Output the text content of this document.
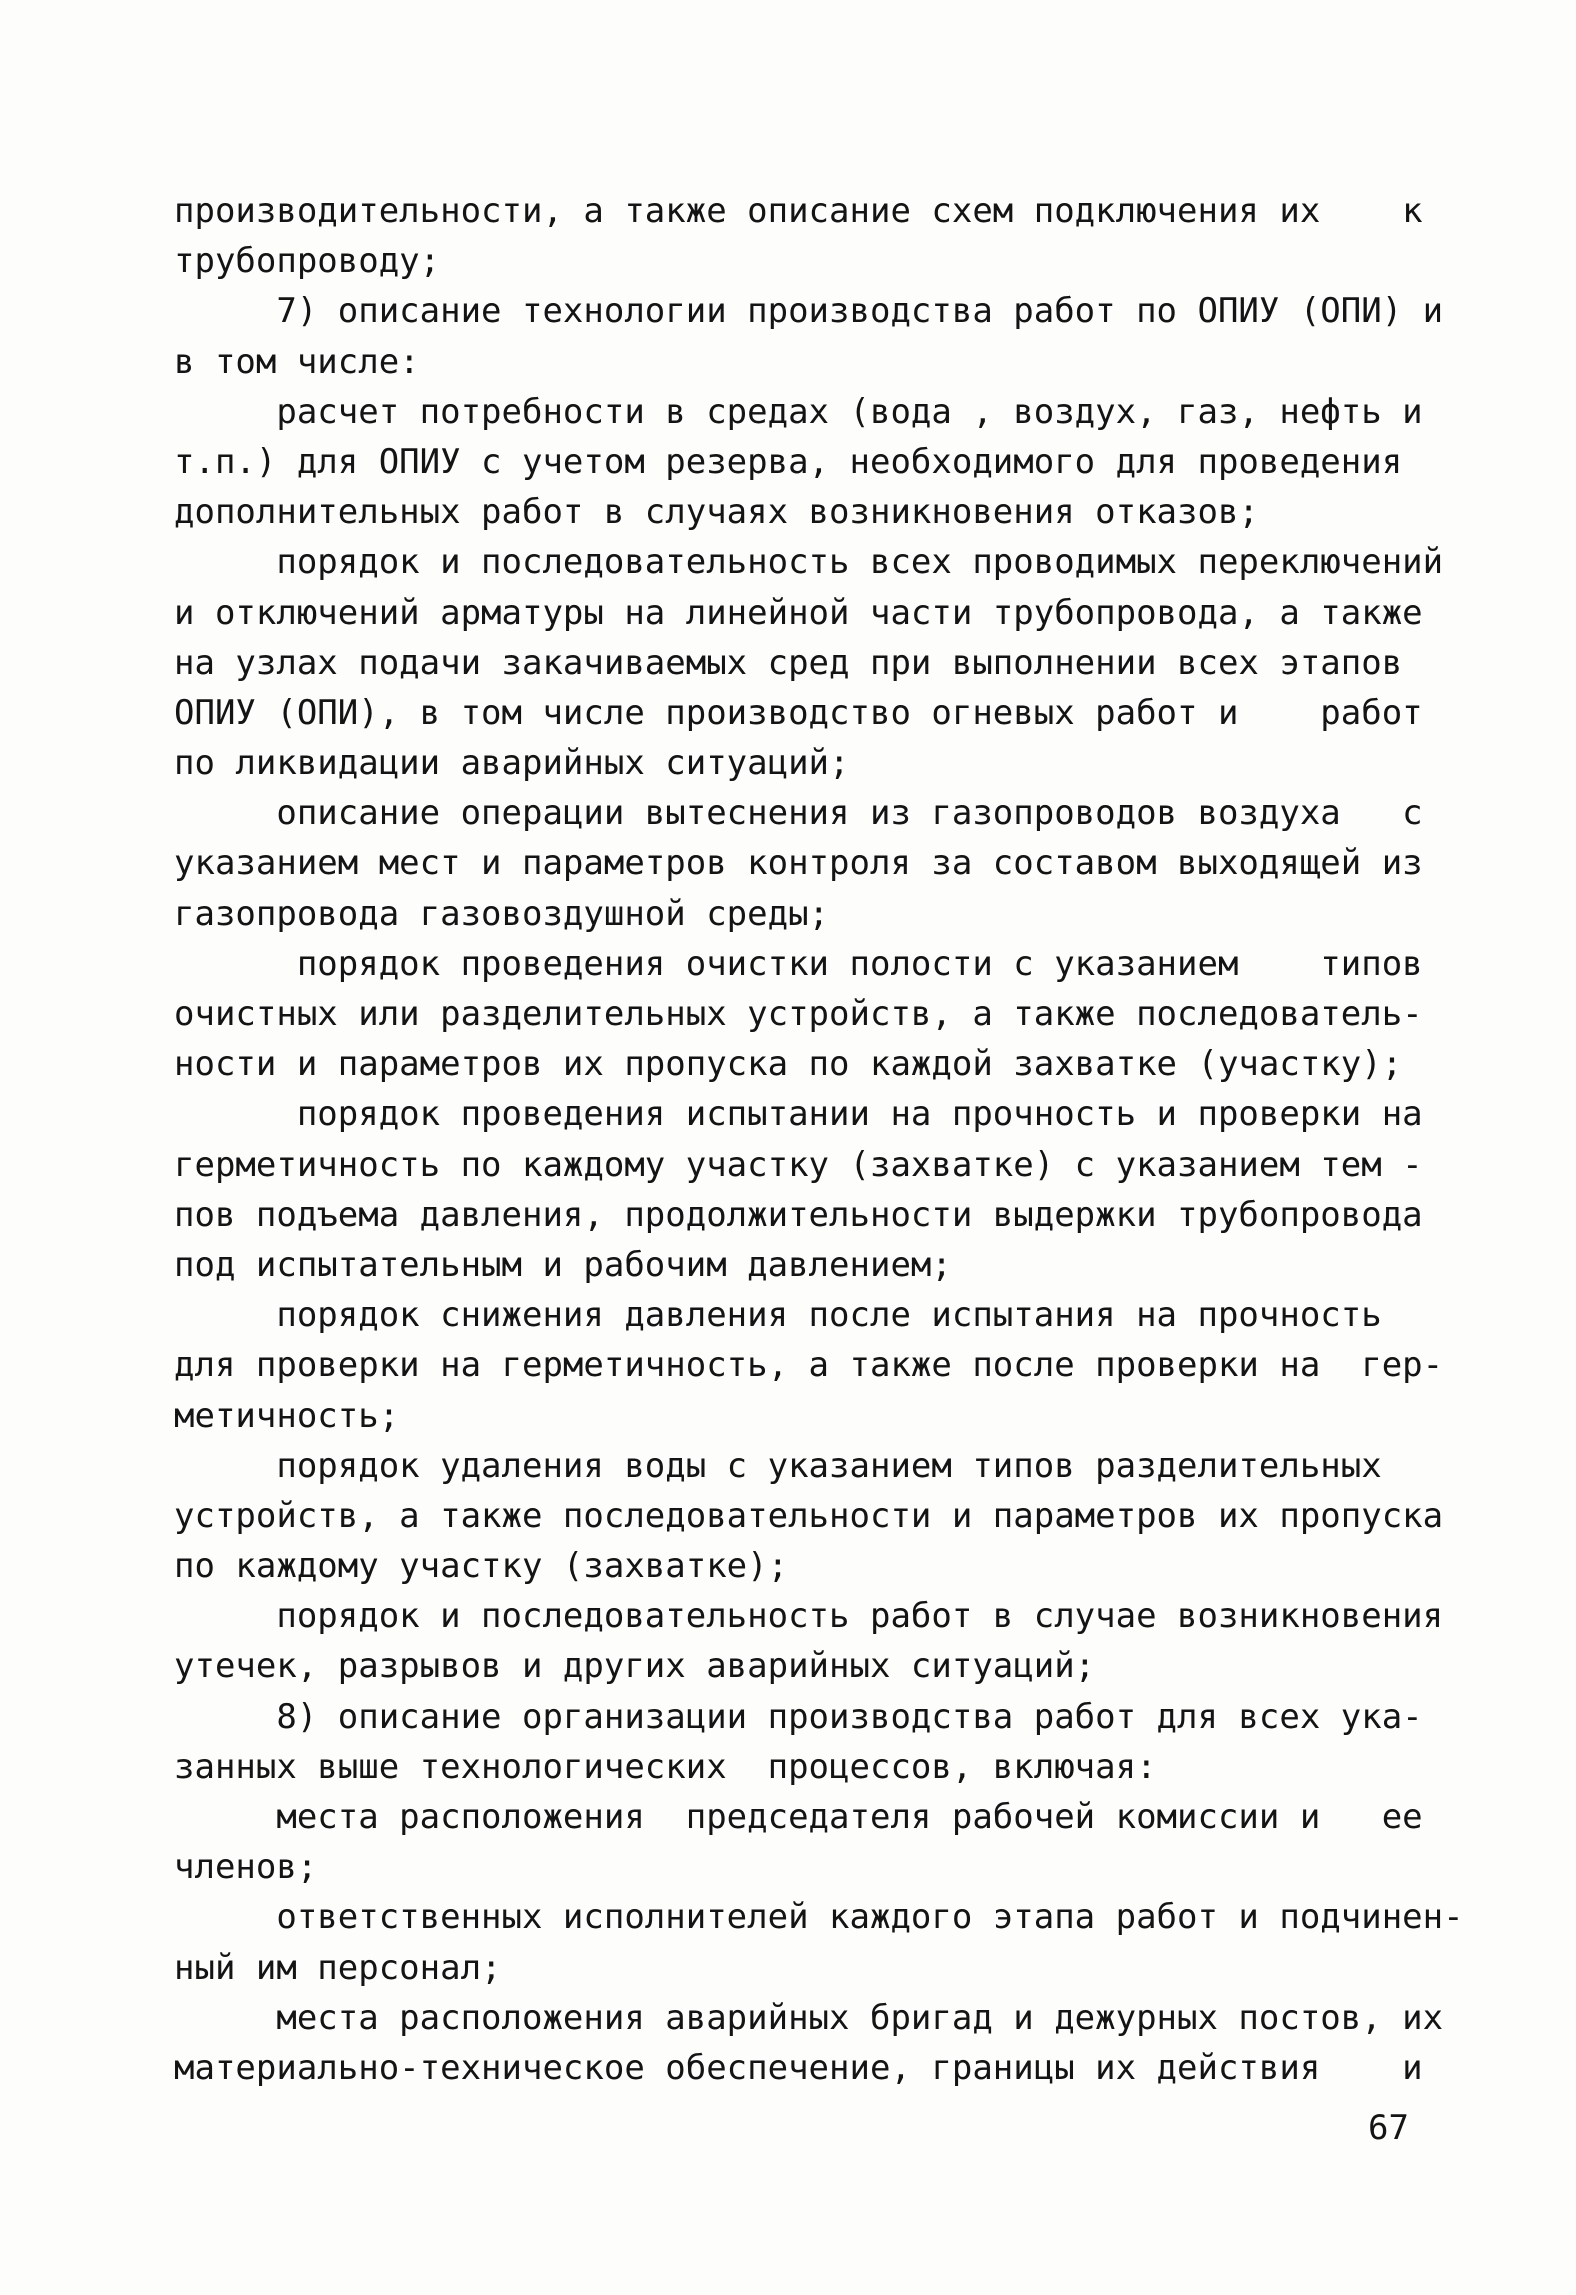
производительности, а также описание схем подключения их    к
трубопроводу;
7) описание технологии производства работ по ОПИУ (ОПИ) и
в том числе:
расчет потребности в средах (вода , воздух, газ, нефть и
т.п.) для ОПИУ с учетом резерва, необходимого для проведения
дополнительных работ в случаях возникновения отказов;
порядок и последовательность всех проводимых переключений
и отключений арматуры на линейной части трубопровода, а также
на узлах подачи закачиваемых сред при выполнении всех этапов
ОПИУ (ОПИ), в том числе производство огневых работ и    работ
по ликвидации аварийных ситуаций;
описание операции вытеснения из газопроводов воздуха   с
указанием мест и параметров контроля за составом выходящей из
газопровода газовоздушной среды;
порядок проведения очистки полости с указанием    типов
очистных или разделительных устройств, а также последователь-
ности и параметров их пропуска по каждой захватке (участку);
порядок проведения испытании на прочность и проверки на
герметичность по каждому участку (захватке) с указанием тем -
пов подъема давления, продолжительности выдержки трубопровода
под испытательным и рабочим давлением;
порядок снижения давления после испытания на прочность
для проверки на герметичность, а также после проверки на  гер-
метичность;
порядок удаления воды с указанием типов разделительных
устройств, а также последовательности и параметров их пропуска
по каждому участку (захватке);
порядок и последовательность работ в случае возникновения
утечек, разрывов и других аварийных ситуаций;
8) описание организации производства работ для всех ука-
занных выше технологических  процессов, включая:
места расположения  председателя рабочей комиссии и   ее
членов;
ответственных исполнителей каждого этапа работ и подчинен-
ный им персонал;
места расположения аварийных бригад и дежурных постов, их
материально-техническое обеспечение, границы их действия    и
67
